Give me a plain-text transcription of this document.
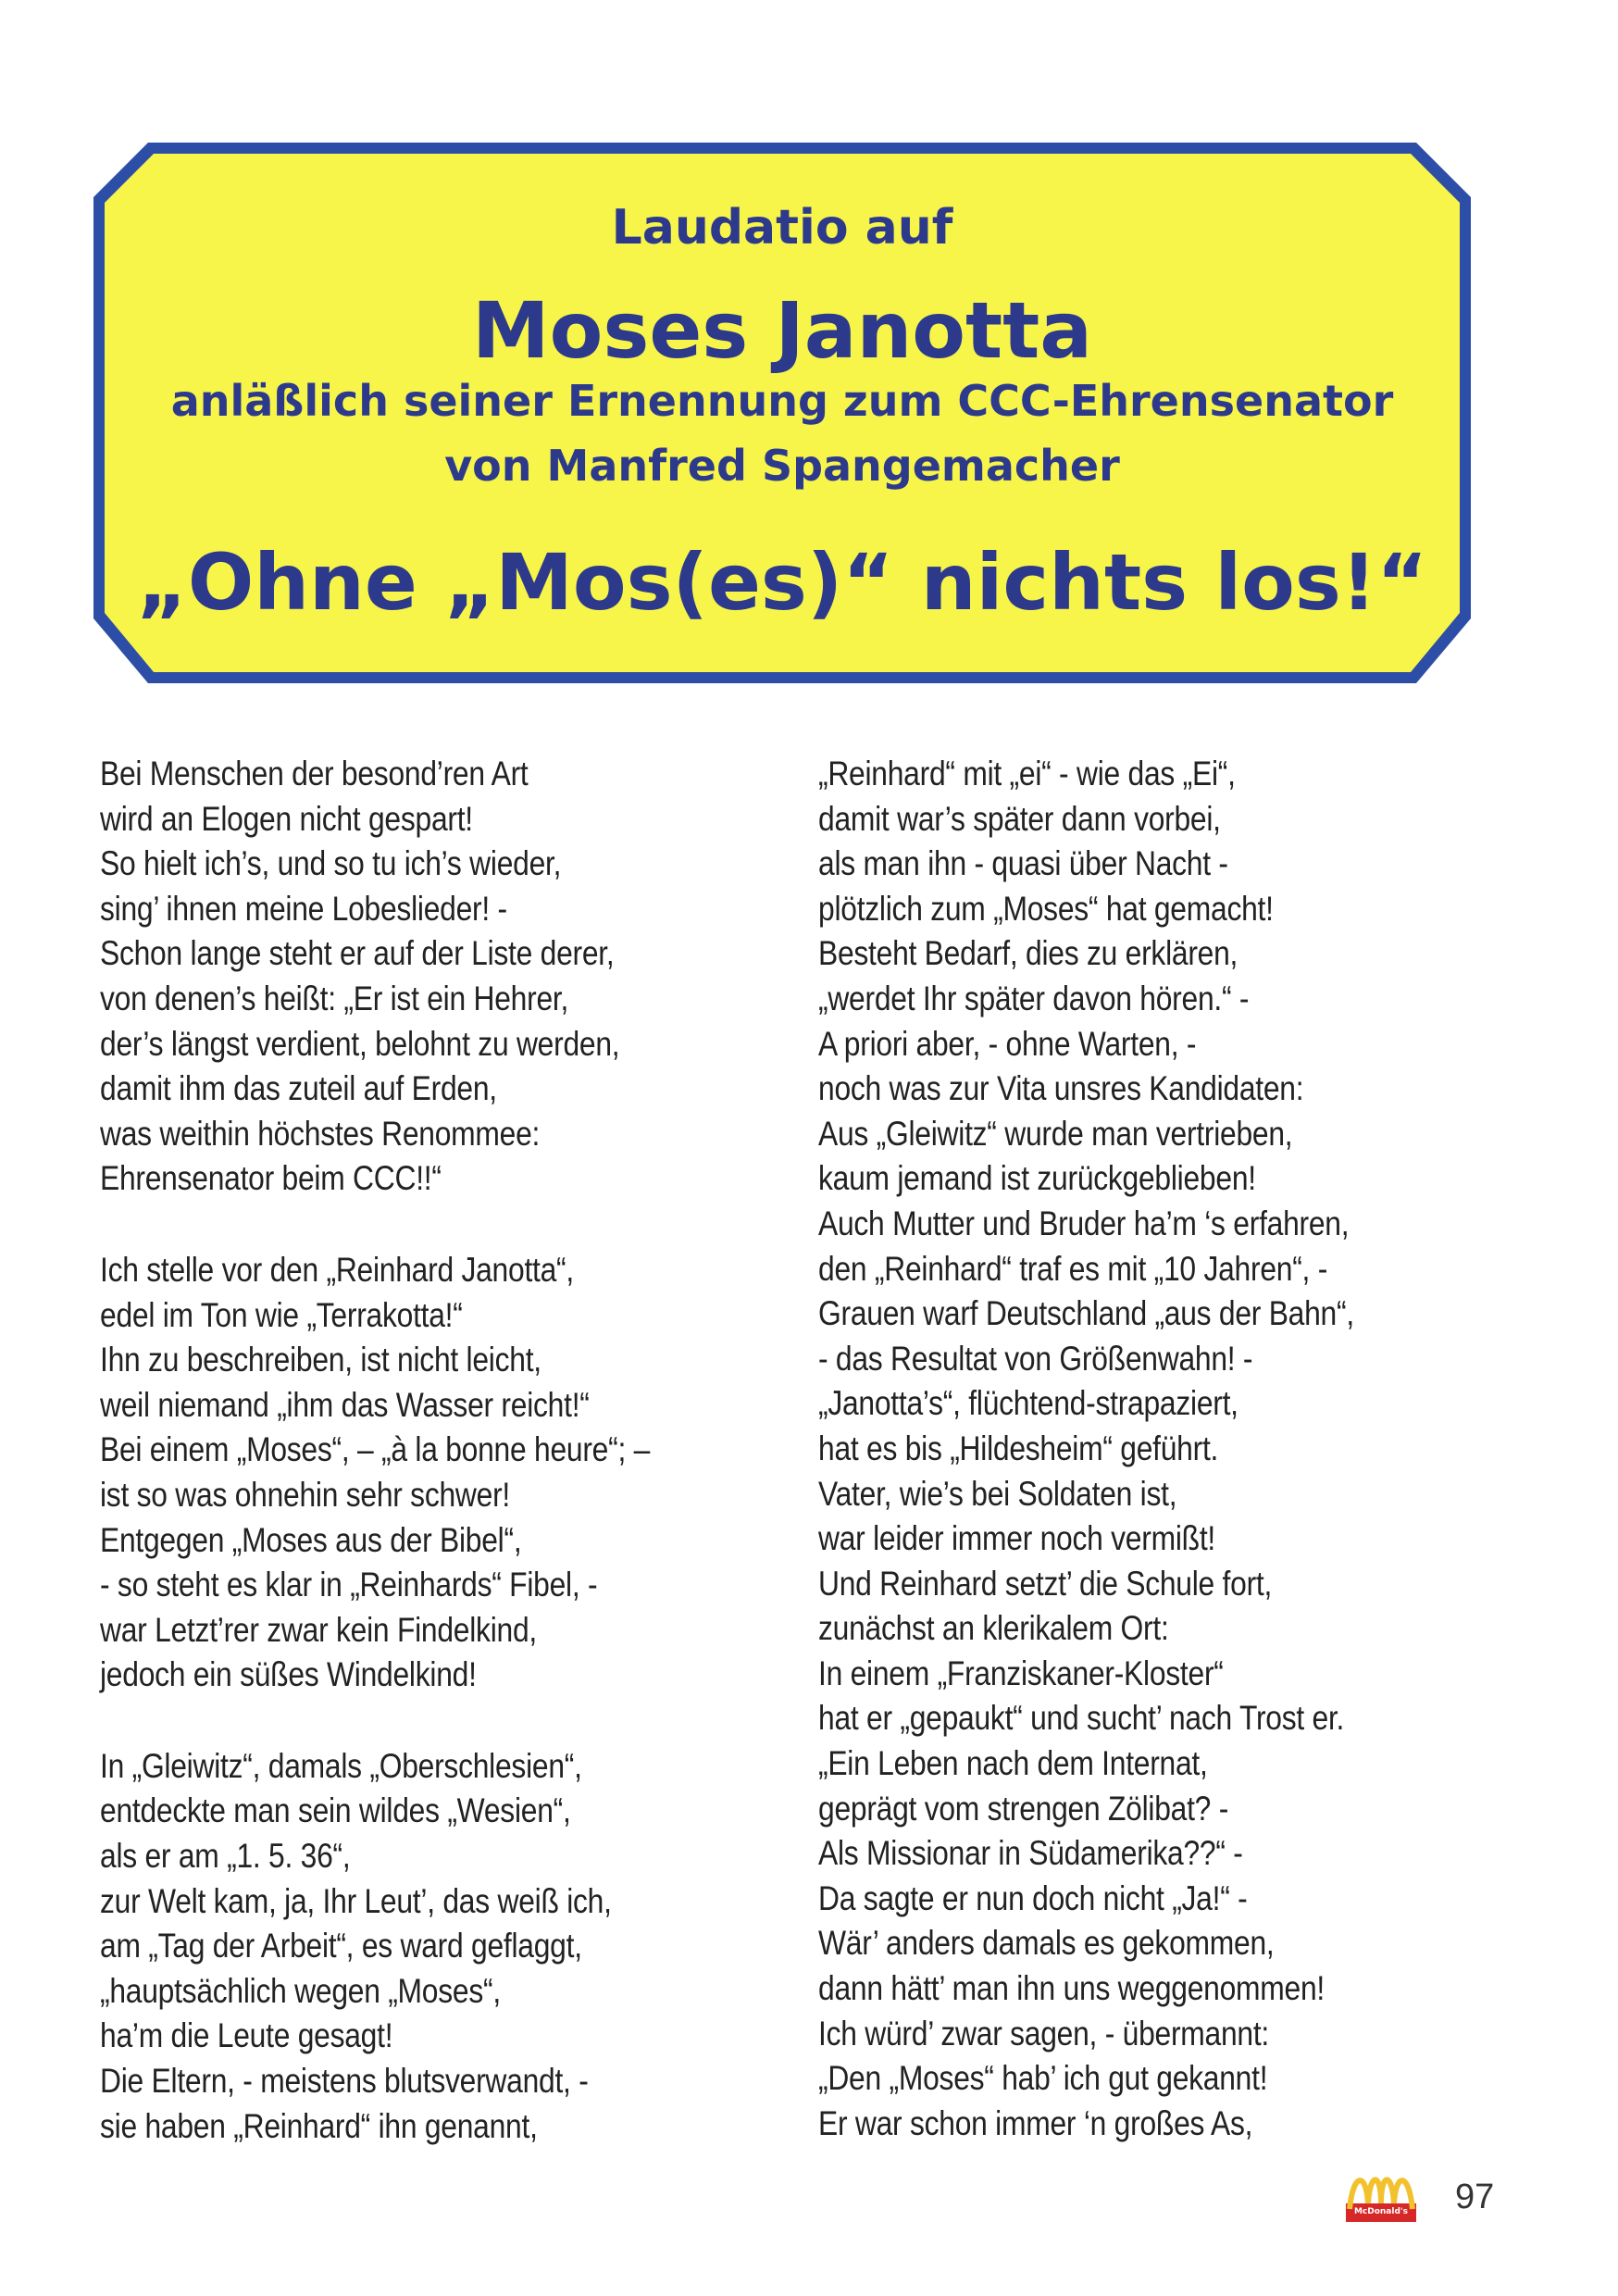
Laudatio auf
Moses Janotta
anläßlich seiner Ernennung zum CCC-Ehrensenator
von Manfred Spangemacher
„Ohne „Mos(es)“ nichts los!“
Bei Menschen der besond’ren Art
wird an Elogen nicht gespart!
So hielt ich’s, und so tu ich’s wieder,
sing’ ihnen meine Lobeslieder! -
Schon lange steht er auf der Liste derer,
von denen’s heißt: „Er ist ein Hehrer,
der’s längst verdient, belohnt zu werden,
damit ihm das zuteil auf Erden,
was weithin höchstes Renommee:
Ehrensenator beim CCC!!“
Ich stelle vor den „Reinhard Janotta“,
edel im Ton wie „Terrakotta!“
Ihn zu beschreiben, ist nicht leicht,
weil niemand „ihm das Wasser reicht!“
Bei einem „Moses“, – „à la bonne heure“; –
ist so was ohnehin sehr schwer!
Entgegen „Moses aus der Bibel“,
- so steht es klar in „Reinhards“ Fibel, -
war Letzt’rer zwar kein Findelkind,
jedoch ein süßes Windelkind!
In „Gleiwitz“, damals „Oberschlesien“,
entdeckte man sein wildes „Wesien“,
als er am „1. 5. 36“,
zur Welt kam, ja, Ihr Leut’, das weiß ich,
am „Tag der Arbeit“, es ward geflaggt,
„hauptsächlich wegen „Moses“,
ha’m die Leute gesagt!
Die Eltern, - meistens blutsverwandt, -
sie haben „Reinhard“ ihn genannt,
„Reinhard“ mit „ei“ - wie das „Ei“,
damit war’s später dann vorbei,
als man ihn - quasi über Nacht -
plötzlich zum „Moses“ hat gemacht!
Besteht Bedarf, dies zu erklären,
„werdet Ihr später davon hören.“ -
A priori aber, - ohne Warten, -
noch was zur Vita unsres Kandidaten:
Aus „Gleiwitz“ wurde man vertrieben,
kaum jemand ist zurückgeblieben!
Auch Mutter und Bruder ha’m ‘s erfahren,
den „Reinhard“ traf es mit „10 Jahren“, -
Grauen warf Deutschland „aus der Bahn“,
- das Resultat von Größenwahn! -
„Janotta’s“, flüchtend-strapaziert,
hat es bis „Hildesheim“ geführt.
Vater, wie’s bei Soldaten ist,
war leider immer noch vermißt!
Und Reinhard setzt’ die Schule fort,
zunächst an klerikalem Ort:
In einem „Franziskaner-Kloster“
hat er „gepaukt“ und sucht’ nach Trost er.
„Ein Leben nach dem Internat,
geprägt vom strengen Zölibat? -
Als Missionar in Südamerika??“ -
Da sagte er nun doch nicht „Ja!“ -
Wär’ anders damals es gekommen,
dann hätt’ man ihn uns weggenommen!
Ich würd’ zwar sagen, - übermannt:
„Den „Moses“ hab’ ich gut gekannt!
Er war schon immer ‘n großes As,
McDonald's 97
